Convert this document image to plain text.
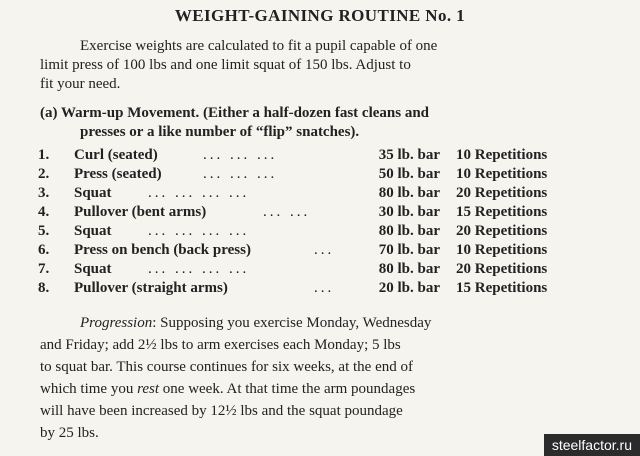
WEIGHT-GAINING ROUTINE No. 1
Exercise weights are calculated to fit a pupil capable of one
limit press of 100 lbs and one limit squat of 150 lbs. Adjust to
fit your need.
(a) Warm-up Movement. (Either a half-dozen fast cleans and
presses or a like number of “flip” snatches).
1.	Curl (seated)	... ... ...	35 lb. bar 10 Repetitions
2.	Press (seated)	... ... ...	50 lb. bar 10 Repetitions
3.	Squat ... ... ... ...	80 lb. bar 20 Repetitions
4.	Pullover (bent arms)	... ...	30 lb. bar 15 Repetitions
5.	Squat ... ... ... ...	80 lb. bar 20 Repetitions
6.	Press on bench (back press)	...	70 lb. bar 10 Repetitions
7.	Squat ... ... ... ...	80 lb. bar 20 Repetitions
8.	Pullover (straight arms)	...	20 lb. bar 15 Repetitions
Progression: Supposing you exercise Monday, Wednesday
and Friday; add 2½ lbs to arm exercises each Monday; 5 lbs
to squat bar. This course continues for six weeks, at the end of
which time you rest one week. At that time the arm poundages
will have been increased by 12½ lbs and the squat poundage
by 25 lbs.
steelfactor.ru
